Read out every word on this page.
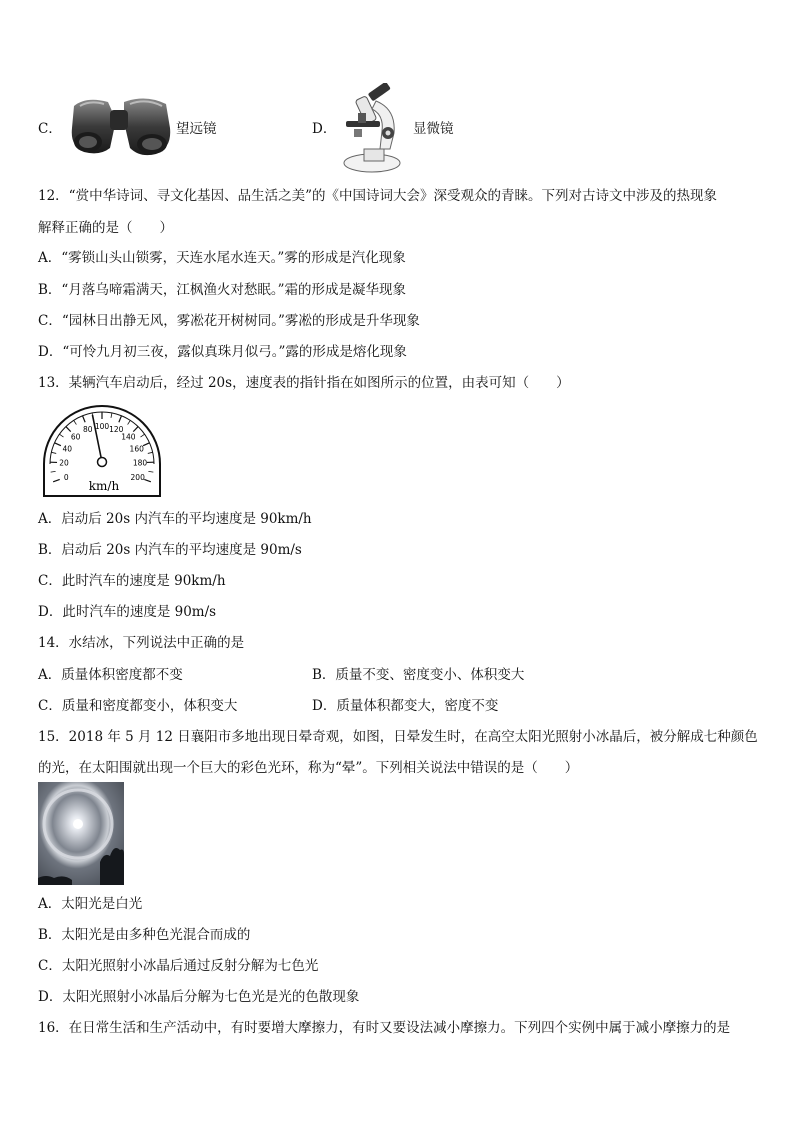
C．	望远镜	D．	显微镜
12．“赏中华诗词、寻文化基因、品生活之美”的《中国诗词大会》深受观众的青睐。下列对古诗文中涉及的热现象
解释正确的是（　　）
A．“雾锁山头山锁雾，天连水尾水连天。”雾的形成是汽化现象
B．“月落乌啼霜满天，江枫渔火对愁眠。”霜的形成是凝华现象
C．“园林日出静无风，雾凇花开树树同。”雾凇的形成是升华现象
D．“可怜九月初三夜，露似真珠月似弓。”露的形成是熔化现象
13．某辆汽车启动后，经过 20s，速度表的指针指在如图所示的位置，由表可知（　　）
0
20
40
60
80 100 120
140
160
180
200
km/h
A．启动后 20s 内汽车的平均速度是 90km/h
B．启动后 20s 内汽车的平均速度是 90m/s
C．此时汽车的速度是 90km/h
D．此时汽车的速度是 90m/s
14．水结冰，下列说法中正确的是
A．质量体积密度都不变	B．质量不变、密度变小、体积变大
C．质量和密度都变小，体积变大	D．质量体积都变大，密度不变
15．2018 年 5 月 12 日襄阳市多地出现日晕奇观，如图，日晕发生时，在高空太阳光照射小冰晶后，被分解成七种颜色
的光，在太阳围就出现一个巨大的彩色光环，称为“晕”。下列相关说法中错误的是（　　）
A．太阳光是白光
B．太阳光是由多种色光混合而成的
C．太阳光照射小冰晶后通过反射分解为七色光
D．太阳光照射小冰晶后分解为七色光是光的色散现象
16．在日常生活和生产活动中，有时要增大摩擦力，有时又要设法减小摩擦力。下列四个实例中属于减小摩擦力的是
